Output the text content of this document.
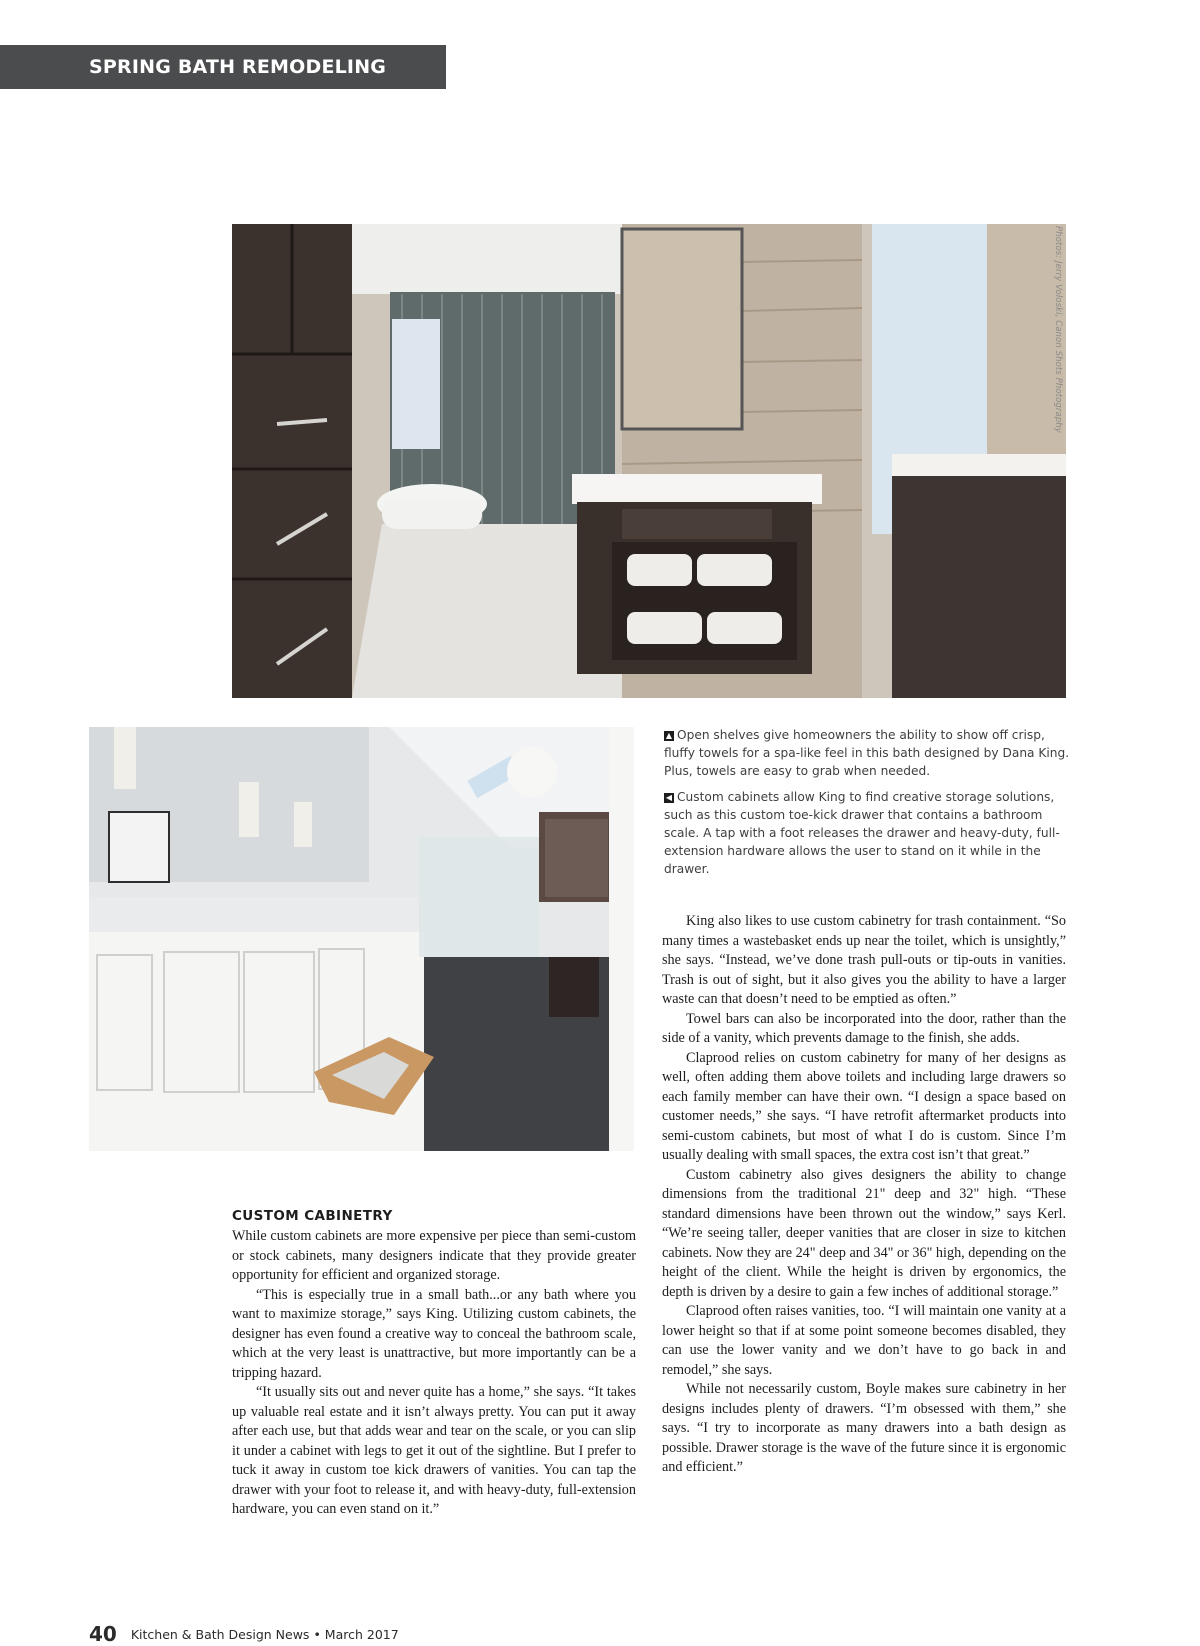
SPRING BATH REMODELING REPORT
Photos: Jerry Voloski, Canon Shots Photography

▲ Open shelves give homeowners the ability to show off crisp, fluffy towels for a spa-like feel in this bath designed by Dana King. Plus, towels are easy to grab when needed.

◀ Custom cabinets allow King to find creative storage solutions, such as this custom toe-kick drawer that contains a bathroom scale. A tap with a foot releases the drawer and heavy-duty, full-extension hardware allows the user to stand on it while in the drawer.

CUSTOM CABINETRY

While custom cabinets are more expensive per piece than semi-custom or stock cabinets, many designers indicate that they provide greater opportunity for efficient and organized storage.

“This is especially true in a small bath...or any bath where you want to maximize storage,” says King. Utilizing custom cabinets, the designer has even found a creative way to conceal the bathroom scale, which at the very least is unattractive, but more importantly can be a tripping hazard.

“It usually sits out and never quite has a home,” she says. “It takes up valuable real estate and it isn’t always pretty. You can put it away after each use, but that adds wear and tear on the scale, or you can slip it under a cabinet with legs to get it out of the sightline. But I prefer to tuck it away in custom toe kick drawers of vanities. You can tap the drawer with your foot to release it, and with heavy-duty, full-extension hardware, you can even stand on it.”

King also likes to use custom cabinetry for trash containment. “So many times a wastebasket ends up near the toilet, which is unsightly,” she says. “Instead, we’ve done trash pull-outs or tip-outs in vanities. Trash is out of sight, but it also gives you the ability to have a larger waste can that doesn’t need to be emptied as often.”

Towel bars can also be incorporated into the door, rather than the side of a vanity, which prevents damage to the finish, she adds.

Claprood relies on custom cabinetry for many of her designs as well, often adding them above toilets and including large drawers so each family member can have their own. “I design a space based on customer needs,” she says. “I have retrofit aftermarket products into semi-custom cabinets, but most of what I do is custom. Since I’m usually dealing with small spaces, the extra cost isn’t that great.”

Custom cabinetry also gives designers the ability to change dimensions from the traditional 21" deep and 32" high. “These standard dimensions have been thrown out the window,” says Kerl. “We’re seeing taller, deeper vanities that are closer in size to kitchen cabinets. Now they are 24" deep and 34" or 36" high, depending on the height of the client. While the height is driven by ergonomics, the depth is driven by a desire to gain a few inches of additional storage.”

Claprood often raises vanities, too. “I will maintain one vanity at a lower height so that if at some point someone becomes disabled, they can use the lower vanity and we don’t have to go back in and remodel,” she says.

While not necessarily custom, Boyle makes sure cabinetry in her designs includes plenty of drawers. “I’m obsessed with them,” she says. “I try to incorporate as many drawers into a bath design as possible. Drawer storage is the wave of the future since it is ergonomic and efficient.”

40 Kitchen & Bath Design News • March 2017
